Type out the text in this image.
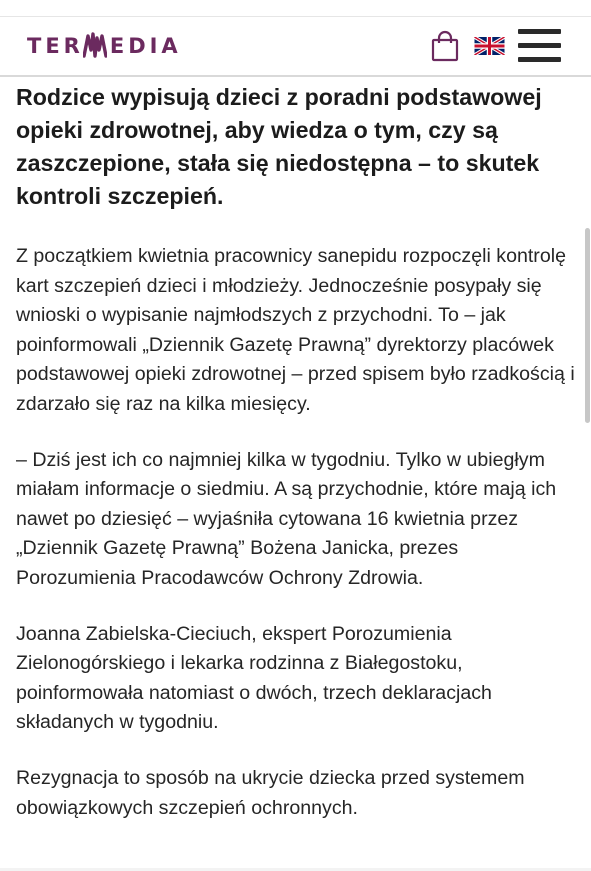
TER EDIA
Rodzice wypisują dzieci z poradni podstawowej opieki zdrowotnej, aby wiedza o tym, czy są zaszczepione, stała się niedostępna – to skutek kontroli szczepień.

Z początkiem kwietnia pracownicy sanepidu rozpoczęli kontrolę kart szczepień dzieci i młodzieży. Jednocześnie posypały się wnioski o wypisanie najmłodszych z przychodni. To – jak poinformowali „Dziennik Gazetę Prawną” dyrektorzy placówek podstawowej opieki zdrowotnej – przed spisem było rzadkością i zdarzało się raz na kilka miesięcy.

– Dziś jest ich co najmniej kilka w tygodniu. Tylko w ubiegłym miałam informacje o siedmiu. A są przychodnie, które mają ich nawet po dziesięć – wyjaśniła cytowana 16 kwietnia przez „Dziennik Gazetę Prawną” Bożena Janicka, prezes Porozumienia Pracodawców Ochrony Zdrowia.

Joanna Zabielska-Cieciuch, ekspert Porozumienia Zielonogórskiego i lekarka rodzinna z Białegostoku, poinformowała natomiast o dwóch, trzech deklaracjach składanych w tygodniu.

Rezygnacja to sposób na ukrycie dziecka przed systemem obowiązkowych szczepień ochronnych.
